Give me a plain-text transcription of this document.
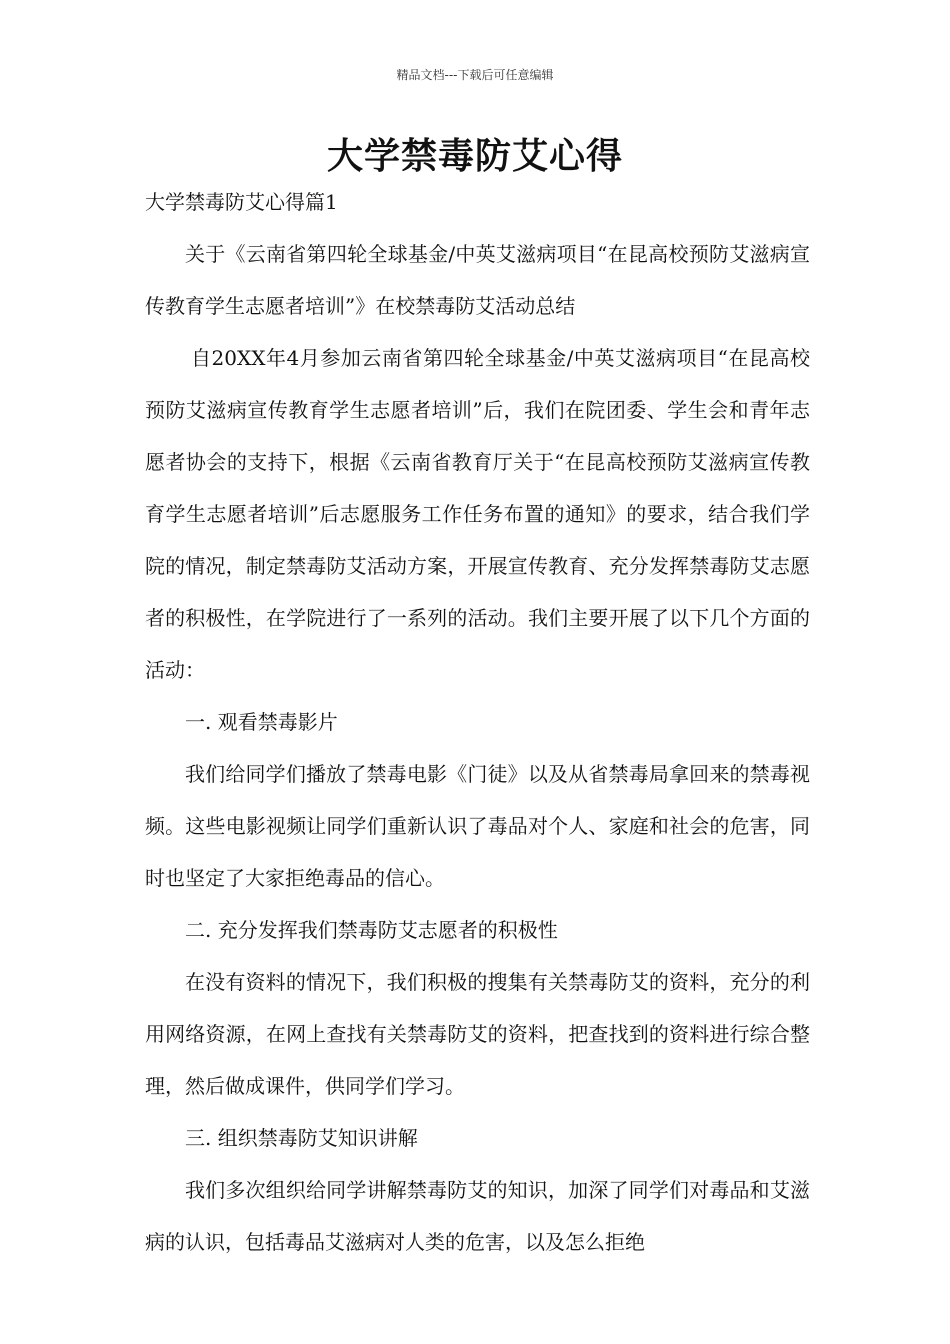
精品文档---下载后可任意编辑
大学禁毒防艾心得
大学禁毒防艾心得篇1

关于《云南省第四轮全球基金/中英艾滋病项目“在昆高校预防艾滋病宣传教育学生志愿者培训”》在校禁毒防艾活动总结

自20XX年4月参加云南省第四轮全球基金/中英艾滋病项目“在昆高校预防艾滋病宣传教育学生志愿者培训”后，我们在院团委、学生会和青年志愿者协会的支持下，根据《云南省教育厅关于“在昆高校预防艾滋病宣传教育学生志愿者培训”后志愿服务工作任务布置的通知》的要求，结合我们学院的情况，制定禁毒防艾活动方案，开展宣传教育、充分发挥禁毒防艾志愿者的积极性，在学院进行了一系列的活动。我们主要开展了以下几个方面的活动：

一. 观看禁毒影片

我们给同学们播放了禁毒电影《门徒》以及从省禁毒局拿回来的禁毒视频。这些电影视频让同学们重新认识了毒品对个人、家庭和社会的危害，同时也坚定了大家拒绝毒品的信心。

二. 充分发挥我们禁毒防艾志愿者的积极性

在没有资料的情况下，我们积极的搜集有关禁毒防艾的资料，充分的利用网络资源，在网上查找有关禁毒防艾的资料，把查找到的资料进行综合整理，然后做成课件，供同学们学习。

三. 组织禁毒防艾知识讲解

我们多次组织给同学讲解禁毒防艾的知识，加深了同学们对毒品和艾滋病的认识，包括毒品艾滋病对人类的危害，以及怎么拒绝
